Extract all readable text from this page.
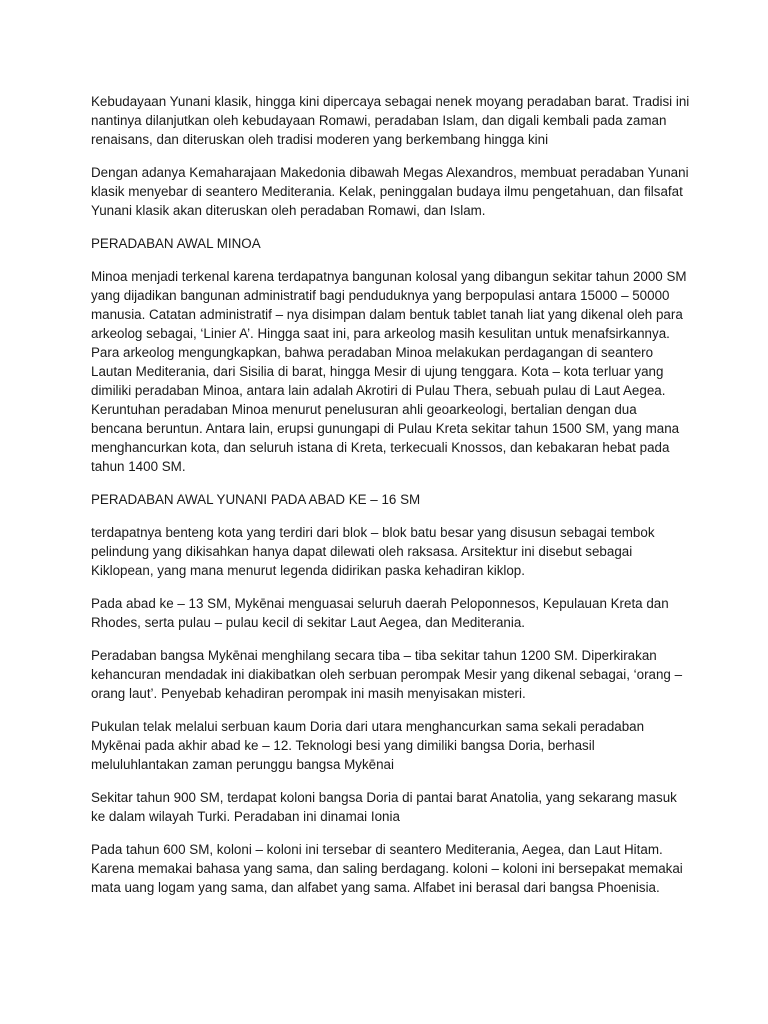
Kebudayaan Yunani klasik, hingga kini dipercaya sebagai nenek moyang peradaban barat. Tradisi ini nantinya dilanjutkan oleh kebudayaan Romawi, peradaban Islam, dan digali kembali pada zaman renaisans, dan diteruskan oleh tradisi moderen yang berkembang hingga kini

Dengan adanya Kemaharajaan Makedonia dibawah Megas Alexandros, membuat peradaban Yunani klasik menyebar di seantero Mediterania. Kelak, peninggalan budaya ilmu pengetahuan, dan filsafat Yunani klasik akan diteruskan oleh peradaban Romawi, dan Islam.

PERADABAN AWAL MINOA

Minoa menjadi terkenal karena terdapatnya bangunan kolosal yang dibangun sekitar tahun 2000 SM yang dijadikan bangunan administratif bagi penduduknya yang berpopulasi antara 15000 – 50000 manusia. Catatan administratif – nya disimpan dalam bentuk tablet tanah liat yang dikenal oleh para arkeolog sebagai, ‘Linier A’. Hingga saat ini, para arkeolog masih kesulitan untuk menafsirkannya. Para arkeolog mengungkapkan, bahwa peradaban Minoa melakukan perdagangan di seantero Lautan Mediterania, dari Sisilia di barat, hingga Mesir di ujung tenggara. Kota – kota terluar yang dimiliki peradaban Minoa, antara lain adalah Akrotiri di Pulau Thera, sebuah pulau di Laut Aegea. Keruntuhan peradaban Minoa menurut penelusuran ahli geoarkeologi, bertalian dengan dua bencana beruntun. Antara lain, erupsi gunungapi di Pulau Kreta sekitar tahun 1500 SM, yang mana menghancurkan kota, dan seluruh istana di Kreta, terkecuali Knossos, dan kebakaran hebat pada tahun 1400 SM.

PERADABAN AWAL YUNANI PADA ABAD KE – 16 SM

terdapatnya benteng kota yang terdiri dari blok – blok batu besar yang disusun sebagai tembok pelindung yang dikisahkan hanya dapat dilewati oleh raksasa. Arsitektur ini disebut sebagai Kiklopean, yang mana menurut legenda didirikan paska kehadiran kiklop.

Pada abad ke – 13 SM, Mykēnai menguasai seluruh daerah Peloponnesos, Kepulauan Kreta dan Rhodes, serta pulau – pulau kecil di sekitar Laut Aegea, dan Mediterania.

Peradaban bangsa Mykēnai menghilang secara tiba – tiba sekitar tahun 1200 SM. Diperkirakan kehancuran mendadak ini diakibatkan oleh serbuan perompak Mesir yang dikenal sebagai, ‘orang – orang laut’. Penyebab kehadiran perompak ini masih menyisakan misteri.

Pukulan telak melalui serbuan kaum Doria dari utara menghancurkan sama sekali peradaban Mykēnai pada akhir abad ke – 12. Teknologi besi yang dimiliki bangsa Doria, berhasil meluluhlantakan zaman perunggu bangsa Mykēnai

Sekitar tahun 900 SM, terdapat koloni bangsa Doria di pantai barat Anatolia, yang sekarang masuk ke dalam wilayah Turki. Peradaban ini dinamai Ionia

Pada tahun 600 SM, koloni – koloni ini tersebar di seantero Mediterania, Aegea, dan Laut Hitam. Karena memakai bahasa yang sama, dan saling berdagang. koloni – koloni ini bersepakat memakai mata uang logam yang sama, dan alfabet yang sama. Alfabet ini berasal dari bangsa Phoenisia.
